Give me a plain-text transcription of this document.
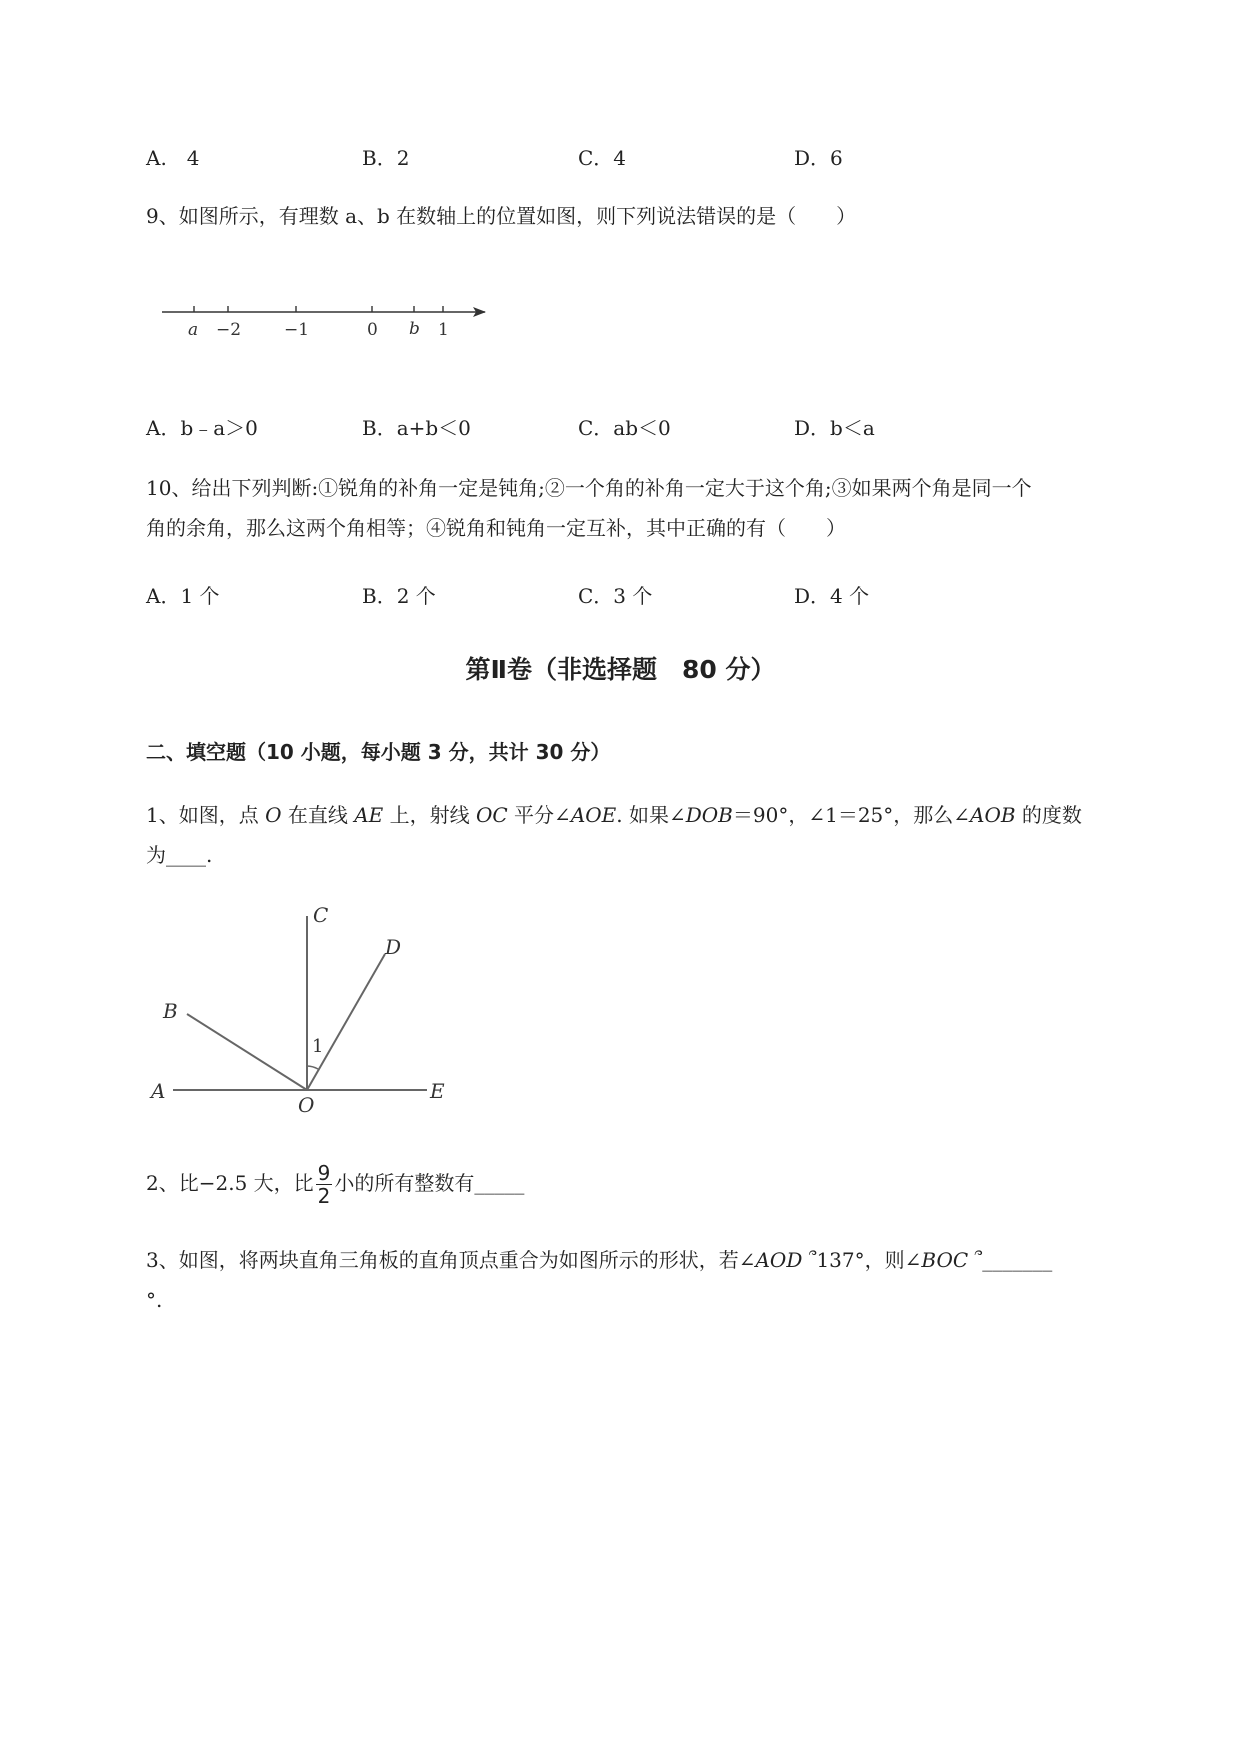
A.　4	B．2	C．4	D．6
9、如图所示，有理数 a、b 在数轴上的位置如图，则下列说法错误的是（　　）
a −2	−1	0 b 1
A．b﹣a＞0	B．a+b＜0	C．ab＜0	D．b＜a
10、给出下列判断:①锐角的补角一定是钝角;②一个角的补角一定大于这个角;③如果两个角是同一个
角的余角，那么这两个角相等；④锐角和钝角一定互补，其中正确的有（　　）
A．1 个	B．2 个	C．3 个	D．4 个
第Ⅱ卷（非选择题　80 分）
二、填空题（10 小题，每小题 3 分，共计 30 分）
1、如图，点 O 在直线 AE 上，射线 OC 平分∠AOE. 如果∠DOB＝90°，∠1＝25°，那么∠AOB 的度数
为____.
C
D
B
1
A
O
E
2、比−2.5 大，比 $\frac{9}{2}$ 小的所有整数有_____
3、如图，将两块直角三角板的直角顶点重合为如图所示的形状，若∠AOD ՞137°，则∠BOC ՞_______
°.
